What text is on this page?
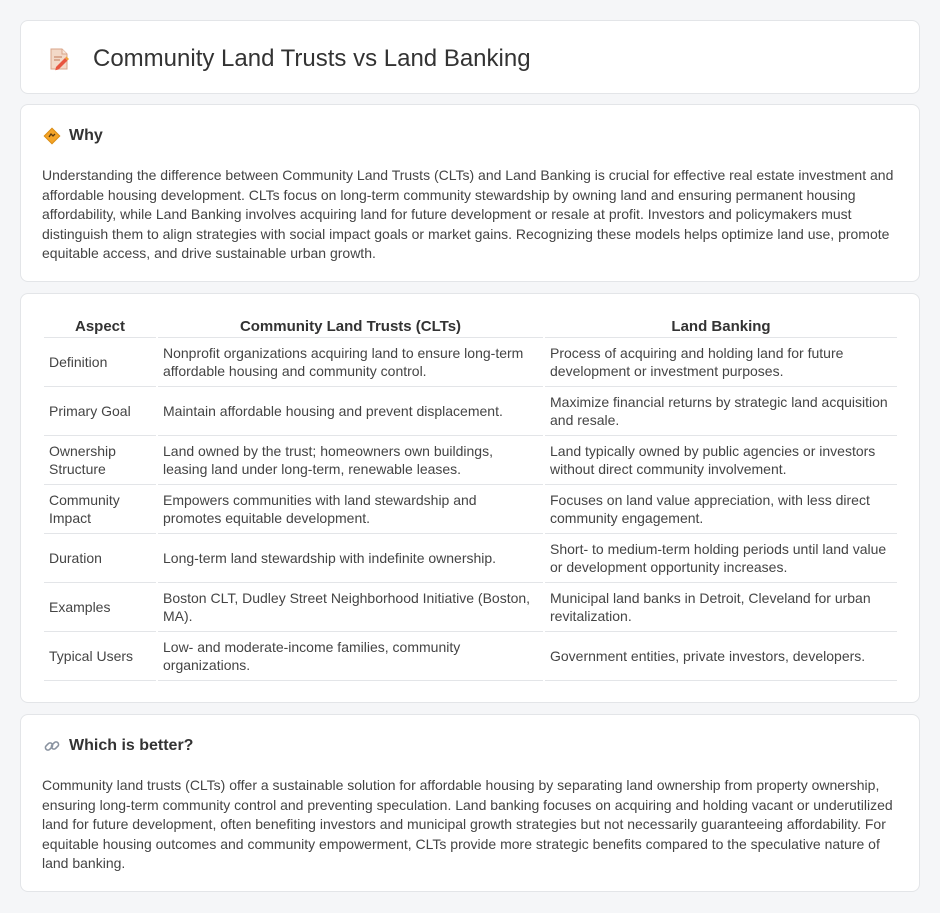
Community Land Trusts vs Land Banking
Why

Understanding the difference between Community Land Trusts (CLTs) and Land Banking is crucial for effective real estate investment and affordable housing development. CLTs focus on long-term community stewardship by owning land and ensuring permanent housing affordability, while Land Banking involves acquiring land for future development or resale at profit. Investors and policymakers must distinguish them to align strategies with social impact goals or market gains. Recognizing these models helps optimize land use, promote equitable access, and drive sustainable urban growth.

Aspect	Community Land Trusts (CLTs)	Land Banking
Definition	Nonprofit organizations acquiring land to ensure long-term affordable housing and community control.	Process of acquiring and holding land for future development or investment purposes.
Primary Goal	Maintain affordable housing and prevent displacement.	Maximize financial returns by strategic land acquisition and resale.
Ownership Structure	Land owned by the trust; homeowners own buildings, leasing land under long-term, renewable leases.	Land typically owned by public agencies or investors without direct community involvement.
Community Impact	Empowers communities with land stewardship and promotes equitable development.	Focuses on land value appreciation, with less direct community engagement.
Duration	Long-term land stewardship with indefinite ownership.	Short- to medium-term holding periods until land value or development opportunity increases.
Examples	Boston CLT, Dudley Street Neighborhood Initiative (Boston, MA).	Municipal land banks in Detroit, Cleveland for urban revitalization.
Typical Users	Low- and moderate-income families, community organizations.	Government entities, private investors, developers.
Which is better?

Community land trusts (CLTs) offer a sustainable solution for affordable housing by separating land ownership from property ownership, ensuring long-term community control and preventing speculation. Land banking focuses on acquiring and holding vacant or underutilized land for future development, often benefiting investors and municipal growth strategies but not necessarily guaranteeing affordability. For equitable housing outcomes and community empowerment, CLTs provide more strategic benefits compared to the speculative nature of land banking.
